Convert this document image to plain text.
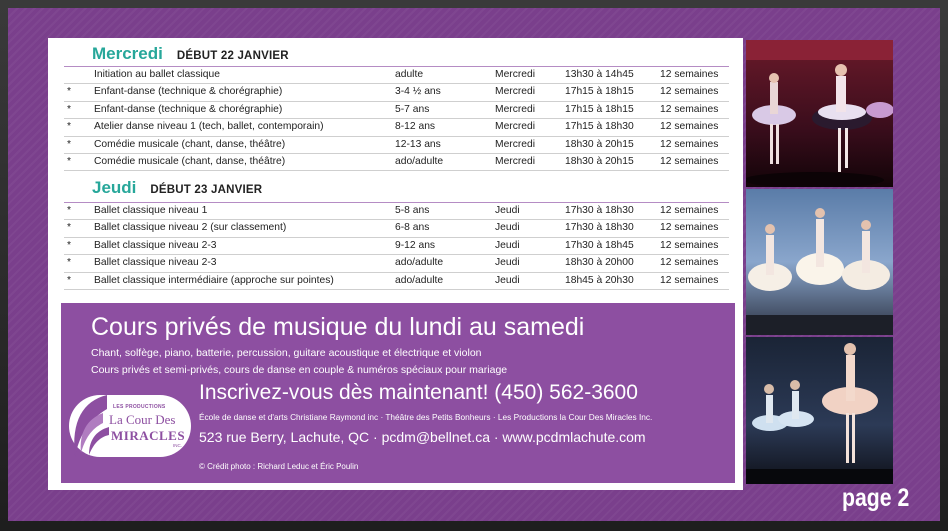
Mercredi DÉBUT 22 JANVIER
Initiation au ballet classique	adulte	Mercredi	13h30 à 14h45	12 semaines
* Enfant-danse (technique & chorégraphie)	3-4 ½ ans	Mercredi	17h15 à 18h15	12 semaines
* Enfant-danse (technique & chorégraphie)	5-7 ans	Mercredi	17h15 à 18h15	12 semaines
* Atelier danse niveau 1 (tech, ballet, contemporain)	8-12 ans	Mercredi	17h15 à 18h30	12 semaines
* Comédie musicale (chant, danse, théâtre)	12-13 ans	Mercredi	18h30 à 20h15	12 semaines
* Comédie musicale (chant, danse, théâtre)	ado/adulte	Mercredi	18h30 à 20h15	12 semaines
Jeudi DÉBUT 23 JANVIER
* Ballet classique niveau 1	5-8 ans	Jeudi	17h30 à 18h30	12 semaines
* Ballet classique niveau 2 (sur classement)	6-8 ans	Jeudi	17h30 à 18h30	12 semaines
* Ballet classique niveau 2-3	9-12 ans	Jeudi	17h30 à 18h45	12 semaines
* Ballet classique niveau 2-3	ado/adulte	Jeudi	18h30 à 20h00	12 semaines
* Ballet classique intermédiaire (approche sur pointes)	ado/adulte	Jeudi	18h45 à 20h30	12 semaines
Cours privés de musique du lundi au samedi
Chant, solfège, piano, batterie, percussion, guitare acoustique et électrique et violon
Cours privés et semi-privés, cours de danse en couple & numéros spéciaux pour mariage
LES PRODUCTIONS
La Cour Des
MIRACLES
INC.
Inscrivez-vous dès maintenant! (450) 562-3600
École de danse et d'arts Christiane Raymond inc · Théâtre des Petits Bonheurs · Les Productions la Cour Des Miracles Inc.
523 rue Berry, Lachute, QC · pcdm@bellnet.ca · www.pcdmlachute.com
© Crédit photo : Richard Leduc et Éric Poulin
page 2
